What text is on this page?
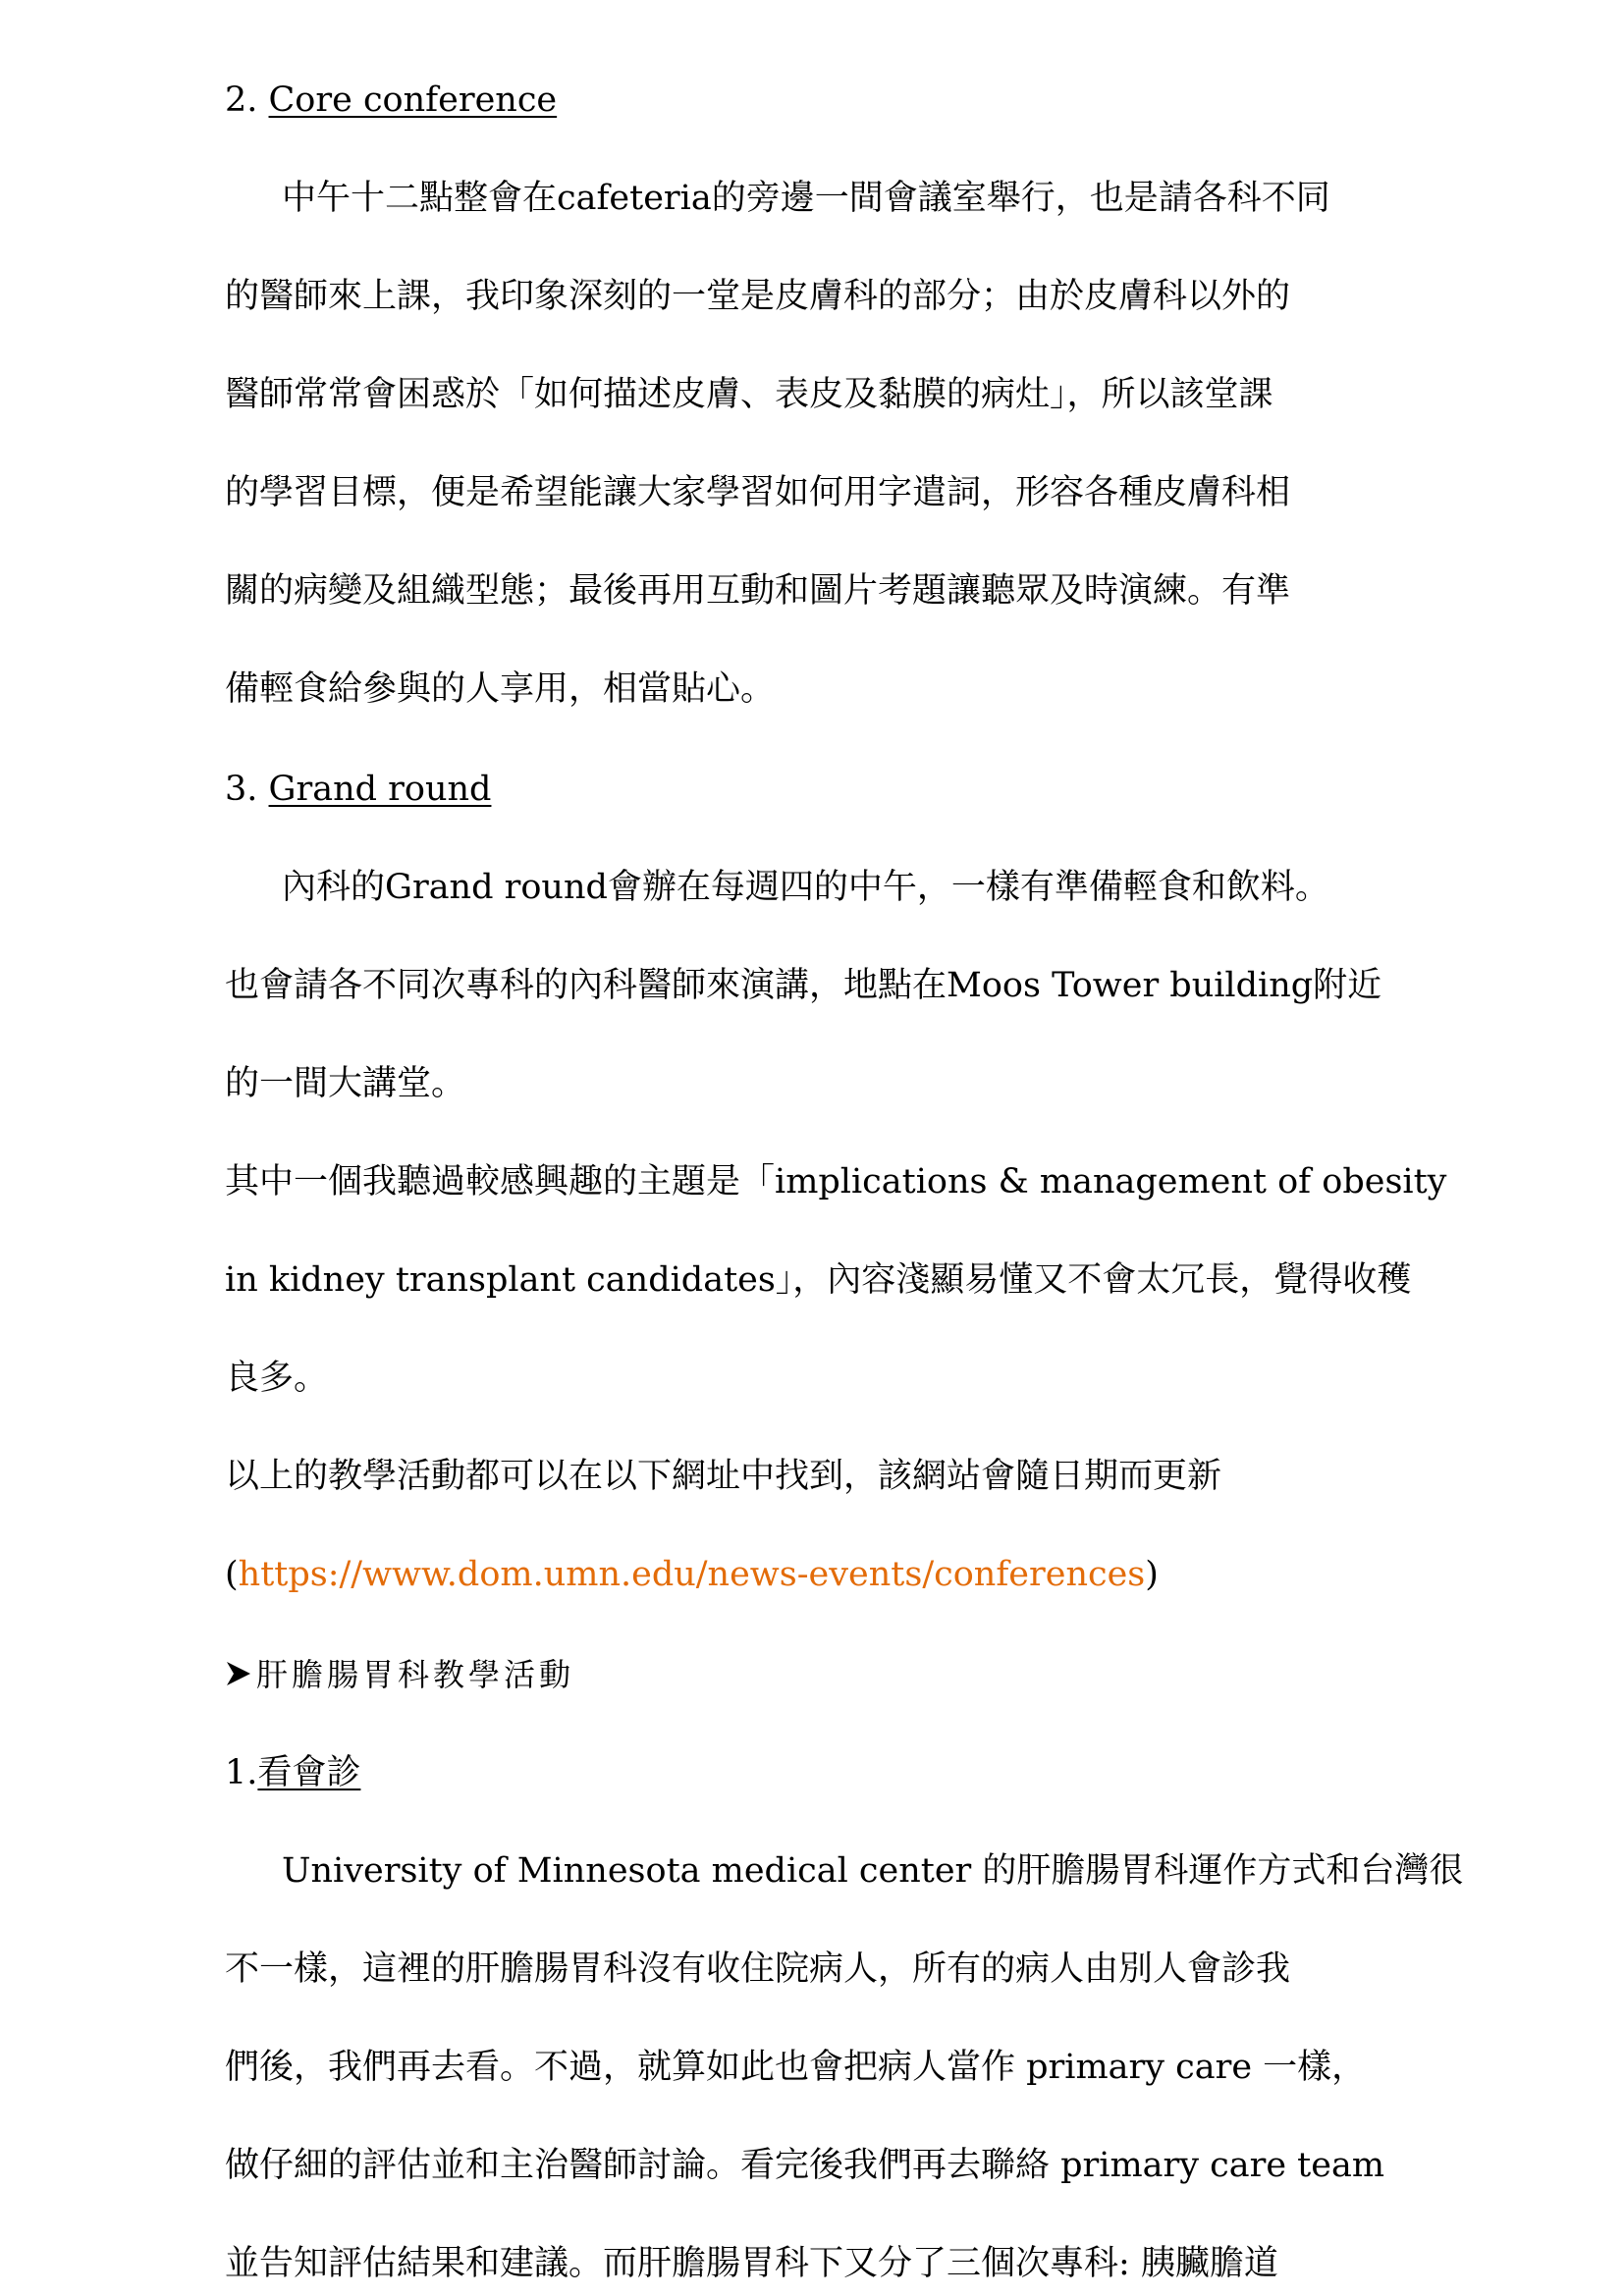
2. Core conference
中午十二點整會在cafeteria的旁邊一間會議室舉行，也是請各科不同
的醫師來上課，我印象深刻的一堂是皮膚科的部分；由於皮膚科以外的
醫師常常會困惑於「如何描述皮膚、表皮及黏膜的病灶」，所以該堂課
的學習目標，便是希望能讓大家學習如何用字遣詞，形容各種皮膚科相
關的病變及組織型態；最後再用互動和圖片考題讓聽眾及時演練。有準
備輕食給參與的人享用，相當貼心。
3. Grand round
內科的Grand round會辦在每週四的中午，一樣有準備輕食和飲料。
也會請各不同次專科的內科醫師來演講，地點在Moos Tower building附近
的一間大講堂。
其中一個我聽過較感興趣的主題是「implications & management of obesity
in kidney transplant candidates」，內容淺顯易懂又不會太冗長，覺得收穫
良多。
以上的教學活動都可以在以下網址中找到，該網站會隨日期而更新
(https://www.dom.umn.edu/news-events/conferences)
肝膽腸胃科教學活動
1.看會診
University of Minnesota medical center 的肝膽腸胃科運作方式和台灣很
不一樣，這裡的肝膽腸胃科沒有收住院病人，所有的病人由別人會診我
們後，我們再去看。不過，就算如此也會把病人當作 primary care 一樣，
做仔細的評估並和主治醫師討論。看完後我們再去聯絡 primary care team
並告知評估結果和建議。而肝膽腸胃科下又分了三個次專科: 胰臟膽道
